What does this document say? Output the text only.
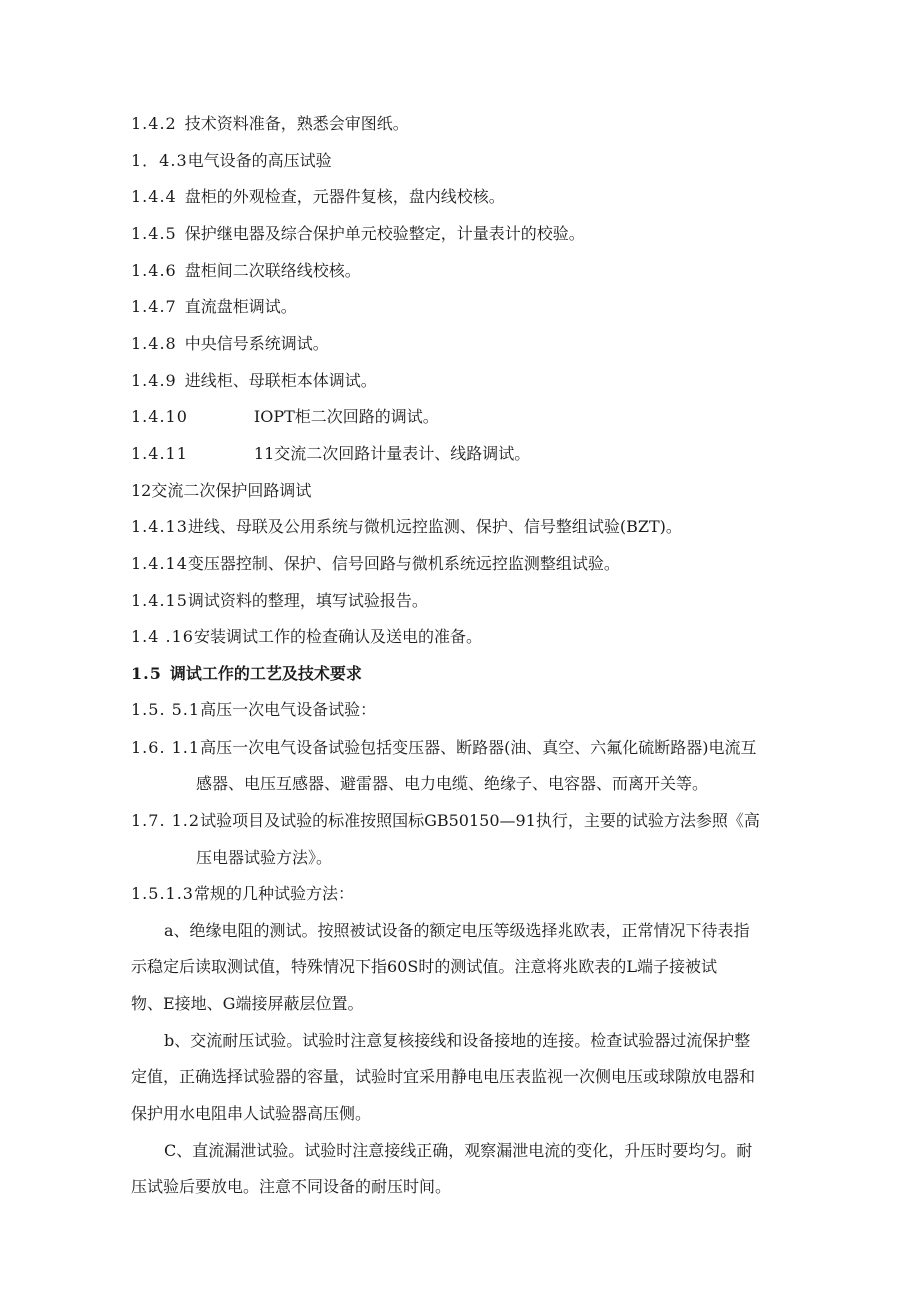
1.4.2 技术资料准备，熟悉会审图纸。
1．4.3电气设备的高压试验
1.4.4 盘柜的外观检查，元器件复核，盘内线校核。
1.4.5 保护继电器及综合保护单元校验整定，计量表计的校验。
1.4.6 盘柜间二次联络线校核。
1.4.7 直流盘柜调试。
1.4.8 中央信号系统调试。
1.4.9 进线柜、母联柜本体调试。
1.4.10	IOPT柜二次回路的调试。
1.4.11	11交流二次回路计量表计、线路调试。
12交流二次保护回路调试
1.4.13进线、母联及公用系统与微机远控监测、保护、信号整组试验(BZT)。
1.4.14变压器控制、保护、信号回路与微机系统远控监测整组试验。
1.4.15调试资料的整理，填写试验报告。
1.4 .16安装调试工作的检查确认及送电的准备。
1.5 调试工作的工艺及技术要求
1.5. 5.1高压一次电气设备试验：
1.6. 1.1高压一次电气设备试验包括变压器、断路器(油、真空、六氟化硫断路器)电流互
感器、电压互感器、避雷器、电力电缆、绝缘子、电容器、而离开关等。
1.7. 1.2试验项目及试验的标准按照国标GB50150—91执行，主要的试验方法参照《高
压电器试验方法》。
1.5.1.3常规的几种试验方法：
a、绝缘电阻的测试。按照被试设备的额定电压等级选择兆欧表，正常情况下待表指
示稳定后读取测试值，特殊情况下指60S时的测试值。注意将兆欧表的L端子接被试
物、E接地、G端接屏蔽层位置。
b、交流耐压试验。试验时注意复核接线和设备接地的连接。检查试验器过流保护整
定值，正确选择试验器的容量，试验时宜采用静电电压表监视一次侧电压或球隙放电器和
保护用水电阻串人试验器高压侧。
C、直流漏泄试验。试验时注意接线正确，观察漏泄电流的变化，升压时要均匀。耐
压试验后要放电。注意不同设备的耐压时间。
